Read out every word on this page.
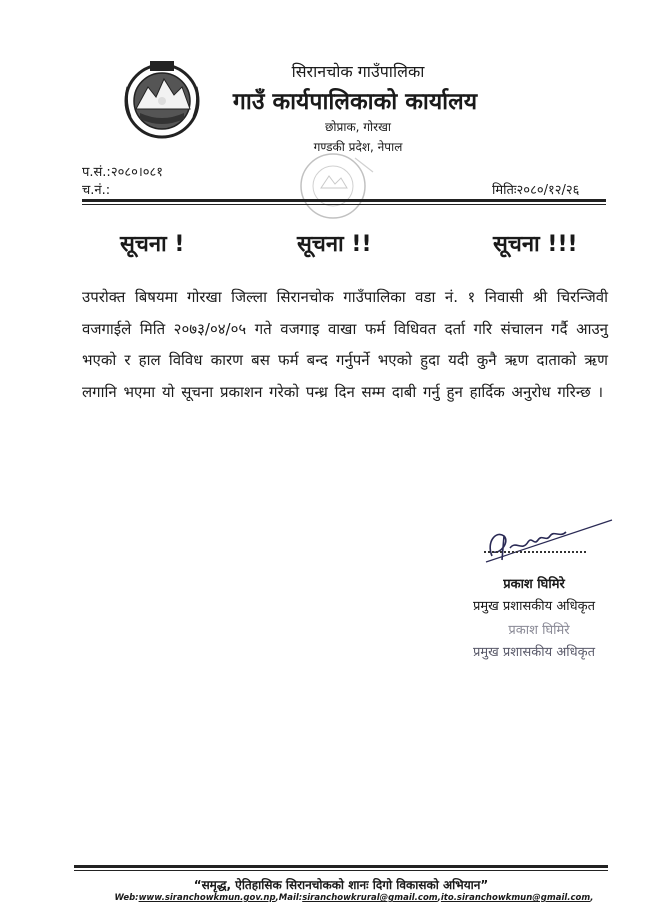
सिरानचोक गाउँपालिका
गाउँ कार्यपालिकाको कार्यालय
छोप्राक, गोरखा
गण्डकी प्रदेश, नेपाल
प.सं.:२०८०।०८१
च.नं.:	मितिः२०८०/१२/२६
सूचना !	सूचना !!	सूचना !!!
उपरोक्त बिषयमा गोरखा जिल्ला सिरानचोक गाउँपालिका वडा नं. १ निवासी श्री चिरन्जिवी वजगाईले मिति २०७३/०४/०५ गते वजगाइ वाखा फर्म विधिवत दर्ता गरि संचालन गर्दै आउनु भएको र हाल विविध कारण बस फर्म बन्द गर्नुपर्ने भएको हुदा यदी कुनै ऋण दाताको ऋण लगानि भएमा यो सूचना प्रकाशन गरेको पन्ध्र दिन सम्म दाबी गर्नु हुन हार्दिक अनुरोध गरिन्छ ।
प्रकाश घिमिरे
प्रमुख प्रशासकीय अधिकृत
प्रकाश घिमिरे
प्रमुख प्रशासकीय अधिकृत
“समृद्ध, ऐतिहासिक सिरानचोकको शानः दिगो विकासको अभियान”
Web:www.siranchowkmun.gov.np,Mail:siranchowkrural@gmail.com,ito.siranchowkmun@gmail.com,
